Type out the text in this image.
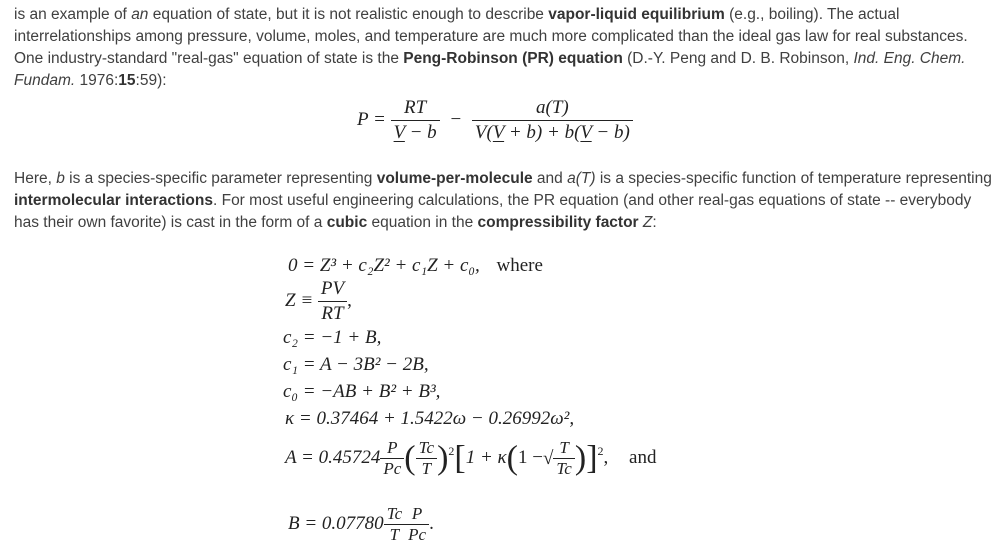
is an example of an equation of state, but it is not realistic enough to describe vapor-liquid equilibrium (e.g., boiling). The actual interrelationships among pressure, volume, moles, and temperature are much more complicated than the ideal gas law for real substances. One industry-standard "real-gas" equation of state is the Peng-Robinson (PR) equation (D.-Y. Peng and D. B. Robinson, Ind. Eng. Chem. Fundam. 1976:15:59):

$P = \frac{RT}{V - b} - \frac{a(T)}{V(V + b) + b(V - b)}$

Here, b is a species-specific parameter representing volume-per-molecule and a(T) is a species-specific function of temperature representing intermolecular interactions. For most useful engineering calculations, the PR equation (and other real-gas equations of state -- everybody has their own favorite) is cast in the form of a cubic equation in the compressibility factor Z:

0 = Z³ + c₂Z² + c₁Z + c₀, where
$Z \equiv \frac{PV}{RT}$ ,
c₂ = −1 + B,
c₁ = A − 3B² − 2B,
c₀ = −AB + B² + B³,
κ = 0.37464 + 1.5422ω − 0.26992ω²,
$A = 0.45724 \frac{P}{Pc}$ ( $\frac{Tc}{T} )^2[1 + \kappa(1$ −√ $\frac{T}{Tc} )]^2$, and
$B = 0.07780 \frac{Tc}{T} \frac{P}{Pc}$ .
